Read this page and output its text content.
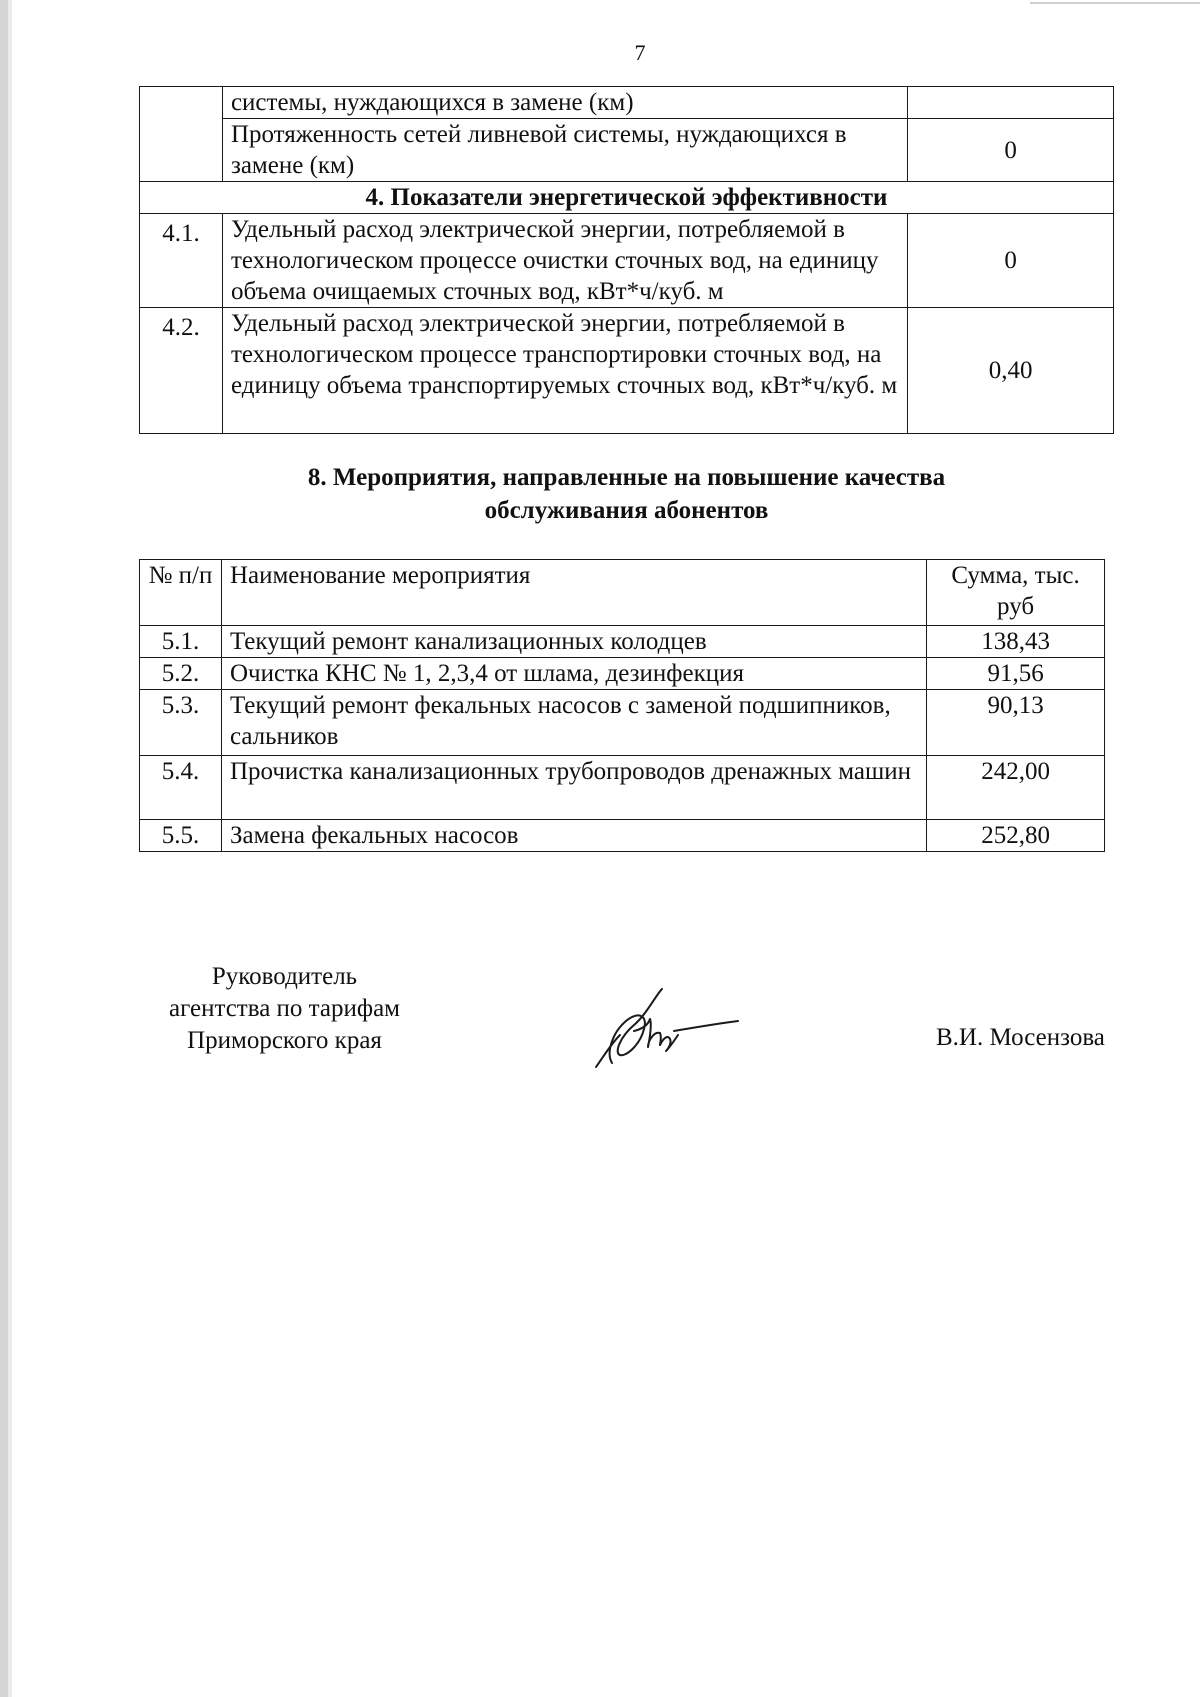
7
	системы, нуждающихся в замене (км)	
	Протяженность сетей ливневой системы, нуждающихся в замене (км)	0
4. Показатели энергетической эффективности		
4.1.	Удельный расход электрической энергии, потребляемой в технологическом процессе очистки сточных вод, на единицу объема очищаемых сточных вод, кВт*ч/куб. м	0
4.2.	Удельный расход электрической энергии, потребляемой в технологическом процессе транспортировки сточных вод, на единицу объема транспортируемых сточных вод, кВт*ч/куб. м	0,40
8. Мероприятия, направленные на повышение качества
обслуживания абонентов
№ п/п	Наименование мероприятия	Сумма, тыс. руб
5.1.	Текущий ремонт канализационных колодцев	138,43
5.2.	Очистка КНС № 1, 2,3,4 от шлама, дезинфекция	91,56
5.3.	Текущий ремонт фекальных насосов с заменой подшипников, сальников	90,13
5.4.	Прочистка канализационных трубопроводов дренажных машин	242,00
5.5.	Замена фекальных насосов	252,80
Руководитель
агентства по тарифам
Приморского края	В.И. Мосензова
